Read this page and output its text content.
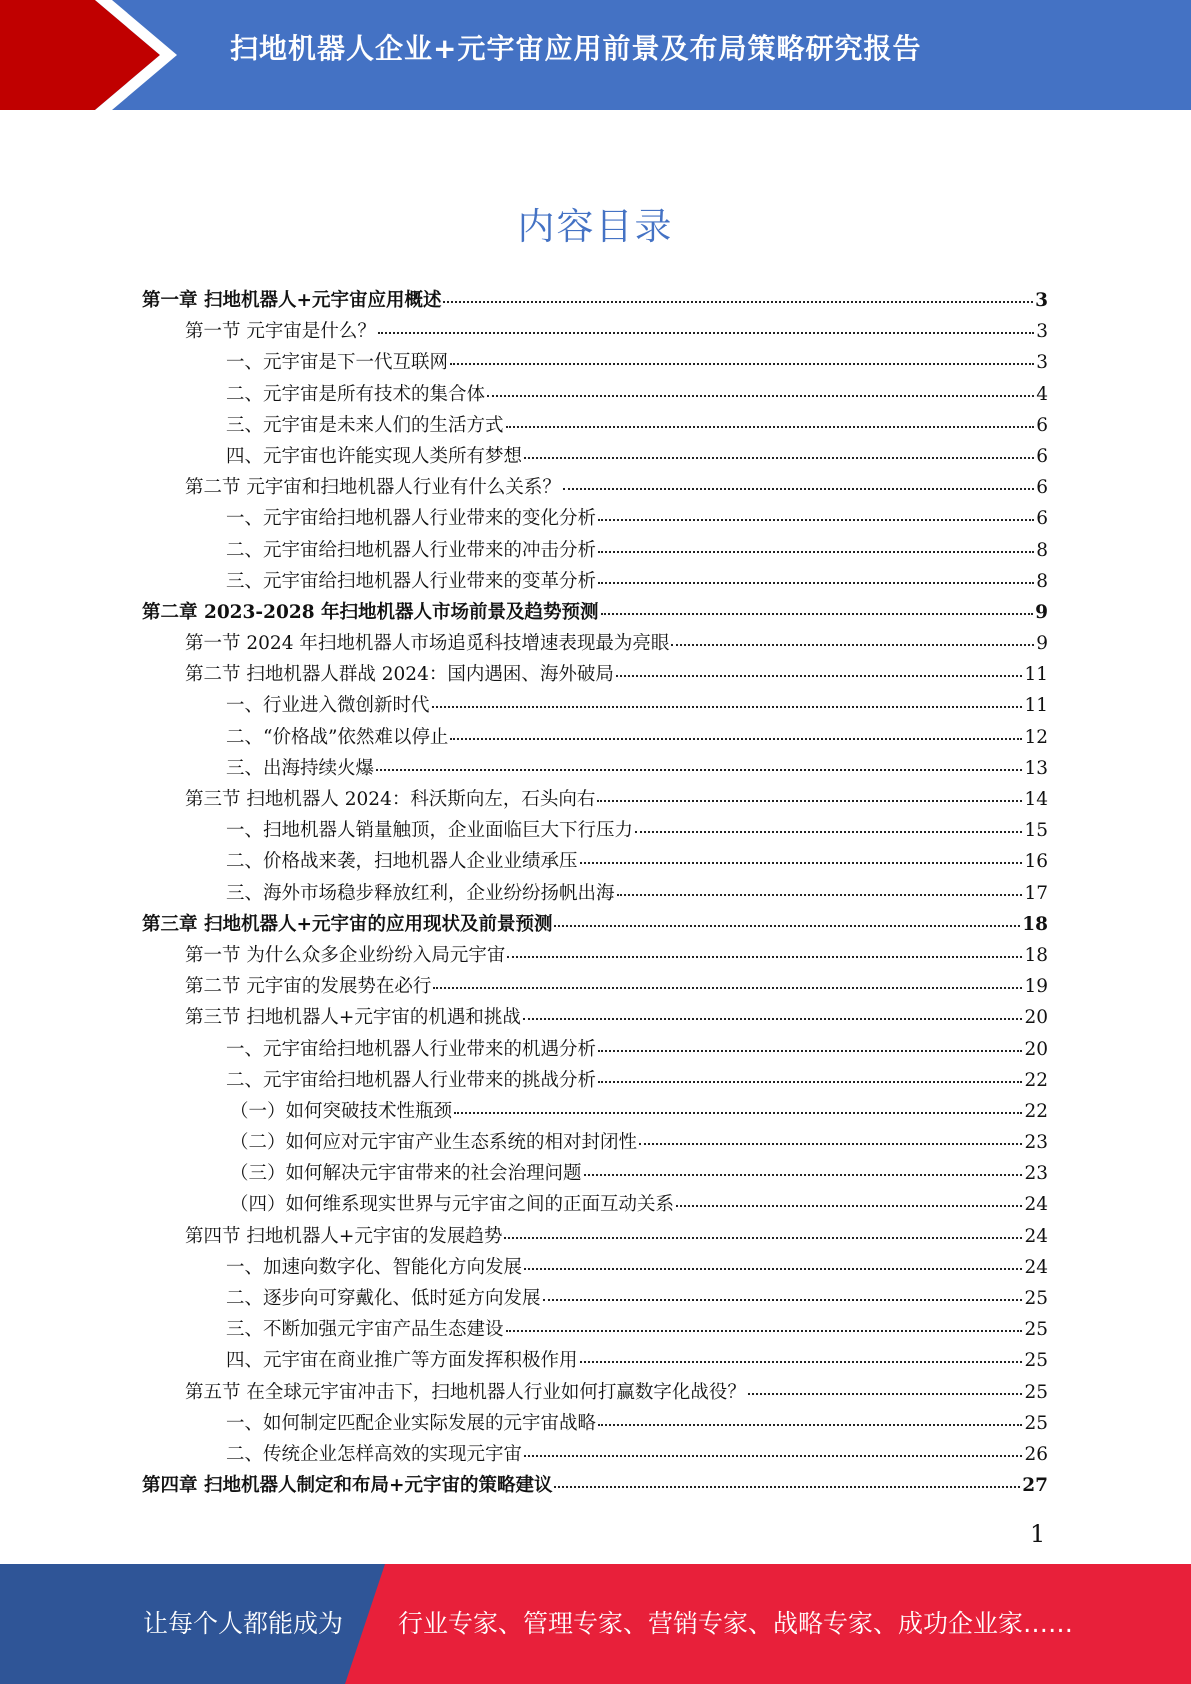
扫地机器人企业+元宇宙应用前景及布局策略研究报告
内容目录
第一章 扫地机器人+元宇宙应用概述	3
第一节 元宇宙是什么？	3
一、元宇宙是下一代互联网	3
二、元宇宙是所有技术的集合体	4
三、元宇宙是未来人们的生活方式	6
四、元宇宙也许能实现人类所有梦想	6
第二节 元宇宙和扫地机器人行业有什么关系？	6
一、元宇宙给扫地机器人行业带来的变化分析	6
二、元宇宙给扫地机器人行业带来的冲击分析	8
三、元宇宙给扫地机器人行业带来的变革分析	8
第二章 2023-2028 年扫地机器人市场前景及趋势预测	9
第一节 2024 年扫地机器人市场追觅科技增速表现最为亮眼	9
第二节 扫地机器人群战 2024：国内遇困、海外破局	11
一、行业进入微创新时代	11
二、“价格战”依然难以停止	12
三、出海持续火爆	13
第三节 扫地机器人 2024：科沃斯向左，石头向右	14
一、扫地机器人销量触顶，企业面临巨大下行压力	15
二、价格战来袭，扫地机器人企业业绩承压	16
三、海外市场稳步释放红利，企业纷纷扬帆出海	17
第三章 扫地机器人+元宇宙的应用现状及前景预测	18
第一节 为什么众多企业纷纷入局元宇宙	18
第二节 元宇宙的发展势在必行	19
第三节 扫地机器人+元宇宙的机遇和挑战	20
一、元宇宙给扫地机器人行业带来的机遇分析	20
二、元宇宙给扫地机器人行业带来的挑战分析	22
（一）如何突破技术性瓶颈	22
（二）如何应对元宇宙产业生态系统的相对封闭性	23
（三）如何解决元宇宙带来的社会治理问题	23
（四）如何维系现实世界与元宇宙之间的正面互动关系	24
第四节 扫地机器人+元宇宙的发展趋势	24
一、加速向数字化、智能化方向发展	24
二、逐步向可穿戴化、低时延方向发展	25
三、不断加强元宇宙产品生态建设	25
四、元宇宙在商业推广等方面发挥积极作用	25
第五节 在全球元宇宙冲击下，扫地机器人行业如何打赢数字化战役？	25
一、如何制定匹配企业实际发展的元宇宙战略	25
二、传统企业怎样高效的实现元宇宙	26
第四章 扫地机器人制定和布局+元宇宙的策略建议	27
1
让每个人都能成为 行业专家、管理专家、营销专家、战略专家、成功企业家……
